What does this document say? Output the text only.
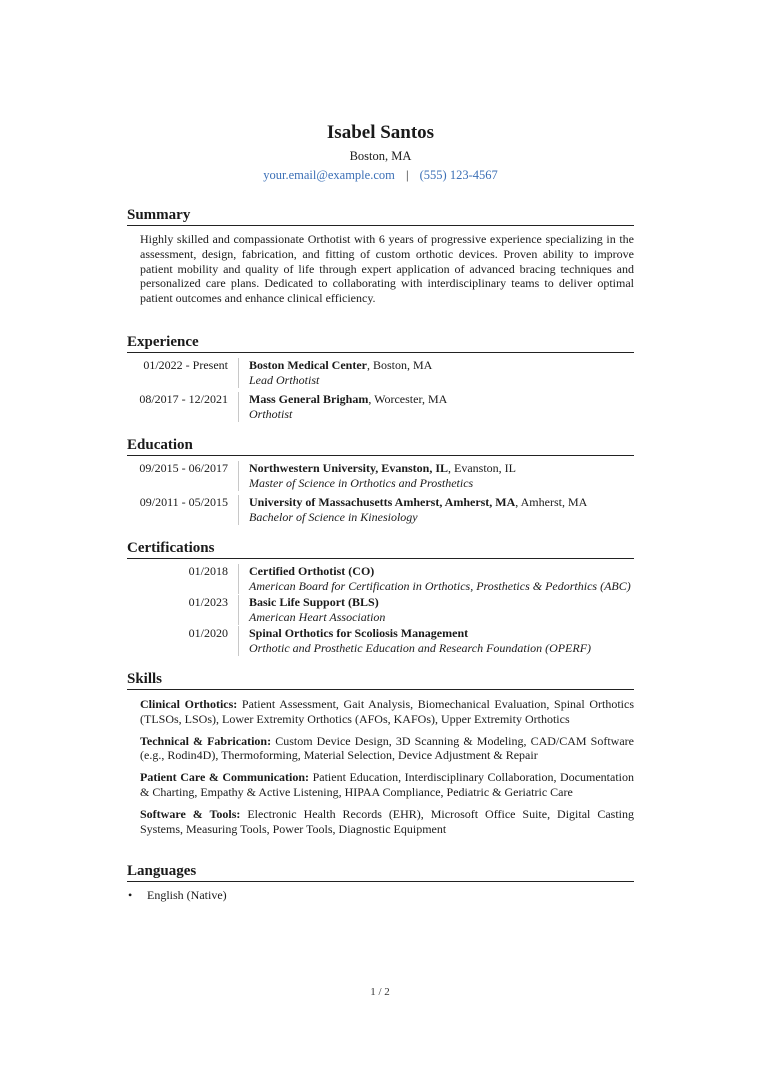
Isabel Santos
Boston, MA
your.email@example.com | (555) 123-4567
Summary
Highly skilled and compassionate Orthotist with 6 years of progressive experience specializing in the assessment, design, fabrication, and fitting of custom orthotic devices. Proven ability to improve patient mobility and quality of life through expert application of advanced bracing techniques and personalized care plans. Dedicated to collaborating with interdisciplinary teams to deliver optimal patient outcomes and enhance clinical efficiency.
Experience
01/2022 - Present	Boston Medical Center, Boston, MA
Lead Orthotist
08/2017 - 12/2021	Mass General Brigham, Worcester, MA
Orthotist
Education
09/2015 - 06/2017	Northwestern University, Evanston, IL, Evanston, IL
Master of Science in Orthotics and Prosthetics
09/2011 - 05/2015	University of Massachusetts Amherst, Amherst, MA, Amherst, MA
Bachelor of Science in Kinesiology
Certifications
01/2018	Certified Orthotist (CO)
American Board for Certification in Orthotics, Prosthetics & Pedorthics (ABC)
01/2023	Basic Life Support (BLS)
American Heart Association
01/2020	Spinal Orthotics for Scoliosis Management
Orthotic and Prosthetic Education and Research Foundation (OPERF)
Skills
Clinical Orthotics: Patient Assessment, Gait Analysis, Biomechanical Evaluation, Spinal Orthotics (TLSOs, LSOs), Lower Extremity Orthotics (AFOs, KAFOs), Upper Extremity Orthotics
Technical & Fabrication: Custom Device Design, 3D Scanning & Modeling, CAD/CAM Software (e.g., Rodin4D), Thermoforming, Material Selection, Device Adjustment & Repair
Patient Care & Communication: Patient Education, Interdisciplinary Collaboration, Documentation & Charting, Empathy & Active Listening, HIPAA Compliance, Pediatric & Geriatric Care
Software & Tools: Electronic Health Records (EHR), Microsoft Office Suite, Digital Casting Systems, Measuring Tools, Power Tools, Diagnostic Equipment
Languages
•	English (Native)
1 / 2
